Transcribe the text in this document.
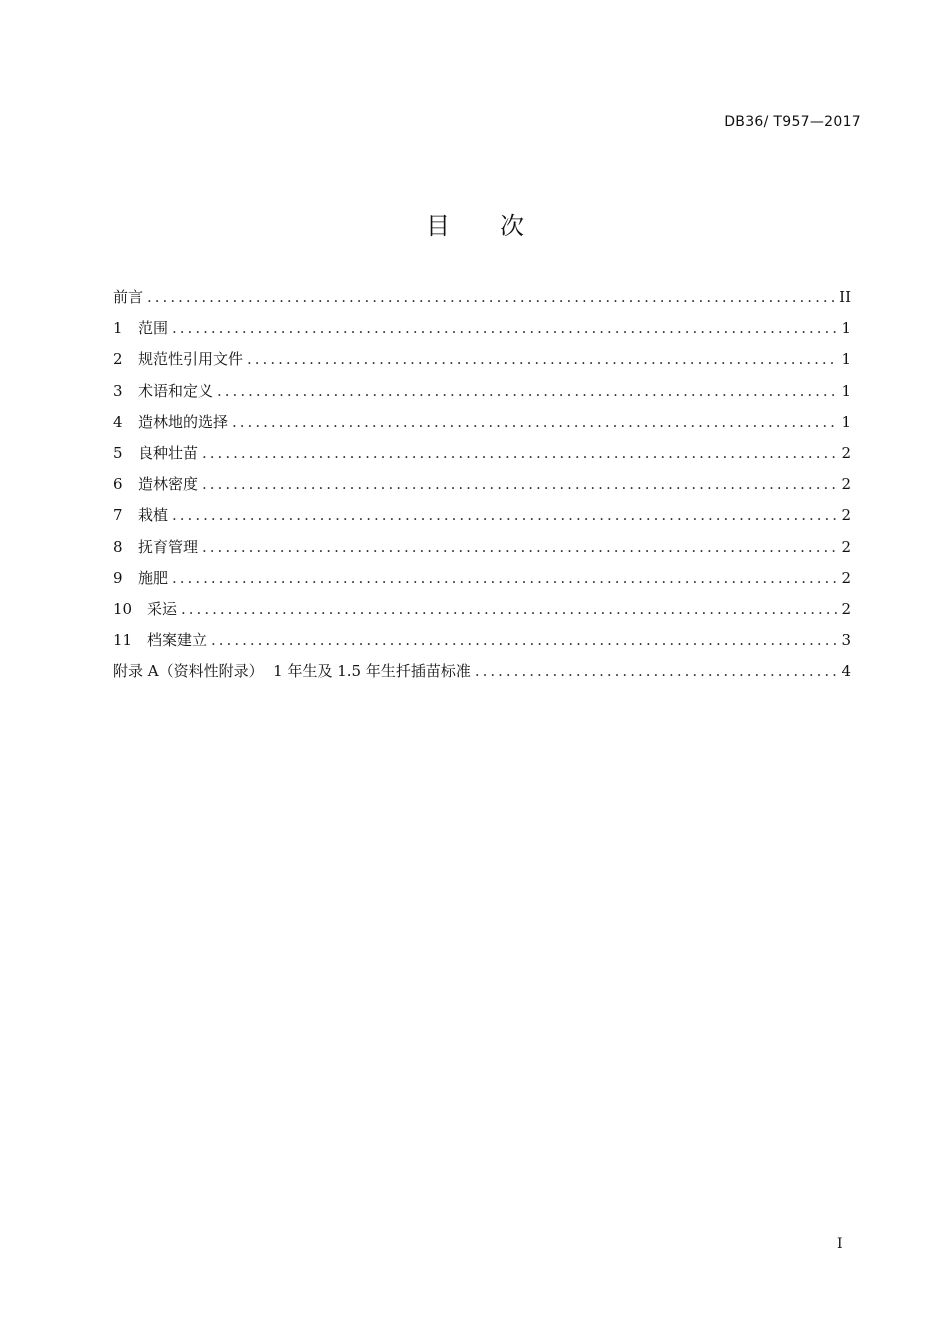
DB36/ T957—2017
目 次
前言 .....	II
1	范围 .....	1
2	规范性引用文件 .....	1
3	术语和定义 .....	1
4	造林地的选择 .....	1
5	良种壮苗 .....	2
6	造林密度 .....	2
7	栽植 .....	2
8	抚育管理 .....	2
9	施肥 .....	2
10 采运 .....	2
11 档案建立 .....	3
附录 A（资料性附录）  1 年生及 1.5 年生扦插苗标准 .....	4
I
